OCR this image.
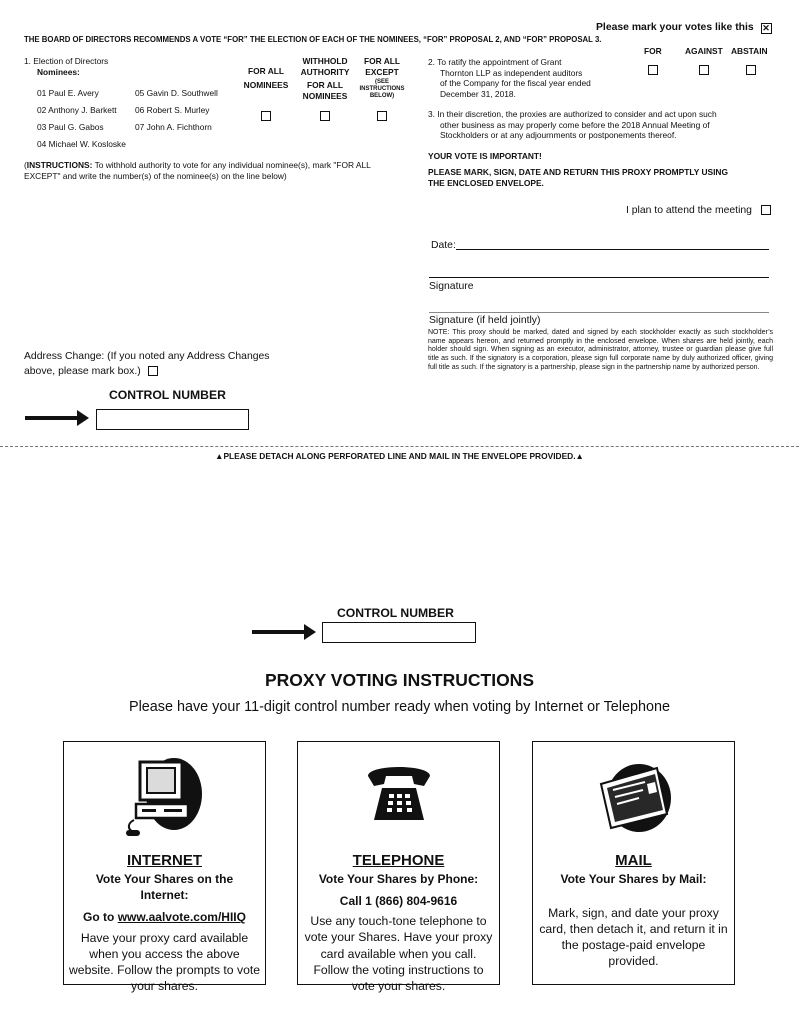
Please mark your votes like this ✕
THE BOARD OF DIRECTORS RECOMMENDS A VOTE “FOR” THE ELECTION OF EACH OF THE NOMINEES, “FOR” PROPOSAL 2, AND “FOR” PROPOSAL 3.
1. Election of Directors
Nominees:
01 Paul E. Avery
02 Anthony J. Barkett
03 Paul G. Gabos
04 Michael W. Kosloske
05 Gavin D. Southwell
06 Robert S. Murley
07 John A. Fichthorn
FOR ALL
NOMINEES
WITHHOLD
AUTHORITY
FOR ALL
NOMINEES
FOR ALL
EXCEPT
(SEE
INSTRUCTIONS
BELOW)
(INSTRUCTIONS: To withhold authority to vote for any individual nominee(s), mark "FOR ALL EXCEPT" and write the number(s) of the nominee(s) on the line below)
FOR	AGAINST ABSTAIN
2. To ratify the appointment of Grant
Thornton LLP as independent auditors
of the Company for the fiscal year ended
December 31, 2018.
3. In their discretion, the proxies are authorized to consider and act upon such
other business as may properly come before the 2018 Annual Meeting of
Stockholders or at any adjournments or postponements thereof.
YOUR VOTE IS IMPORTANT!
PLEASE MARK, SIGN, DATE AND RETURN THIS PROXY PROMPTLY USING
THE ENCLOSED ENVELOPE.
I plan to attend the meeting
Date:
Signature
Signature (if held jointly)
NOTE: This proxy should be marked, dated and signed by each stockholder exactly as such stockholder’s name appears hereon, and returned promptly in the enclosed envelope. When shares are held jointly, each holder should sign. When signing as an executor, administrator, attorney, trustee or guardian please give full title as such. If the signatory is a corporation, please sign full corporate name by duly authorized officer, giving full title as such. If the signatory is a partnership, please sign in the partnership name by authorized person.
Address Change: (If you noted any Address Changes
above, please mark box.)
CONTROL NUMBER
▲PLEASE DETACH ALONG PERFORATED LINE AND MAIL IN THE ENVELOPE PROVIDED.▲
CONTROL NUMBER
PROXY VOTING INSTRUCTIONS
Please have your 11-digit control number ready when voting by Internet or Telephone
INTERNET
Vote Your Shares on the
Internet:
Go to www.aalvote.com/HIIQ
Have your proxy card available when you access the above website. Follow the prompts to vote your shares.
TELEPHONE
Vote Your Shares by Phone:
Call 1 (866) 804-9616
Use any touch-tone telephone to vote your Shares. Have your proxy card available when you call. Follow the voting instructions to vote your shares.
MAIL
Vote Your Shares by Mail:
Mark, sign, and date your proxy card, then detach it, and return it in the postage-paid envelope provided.
